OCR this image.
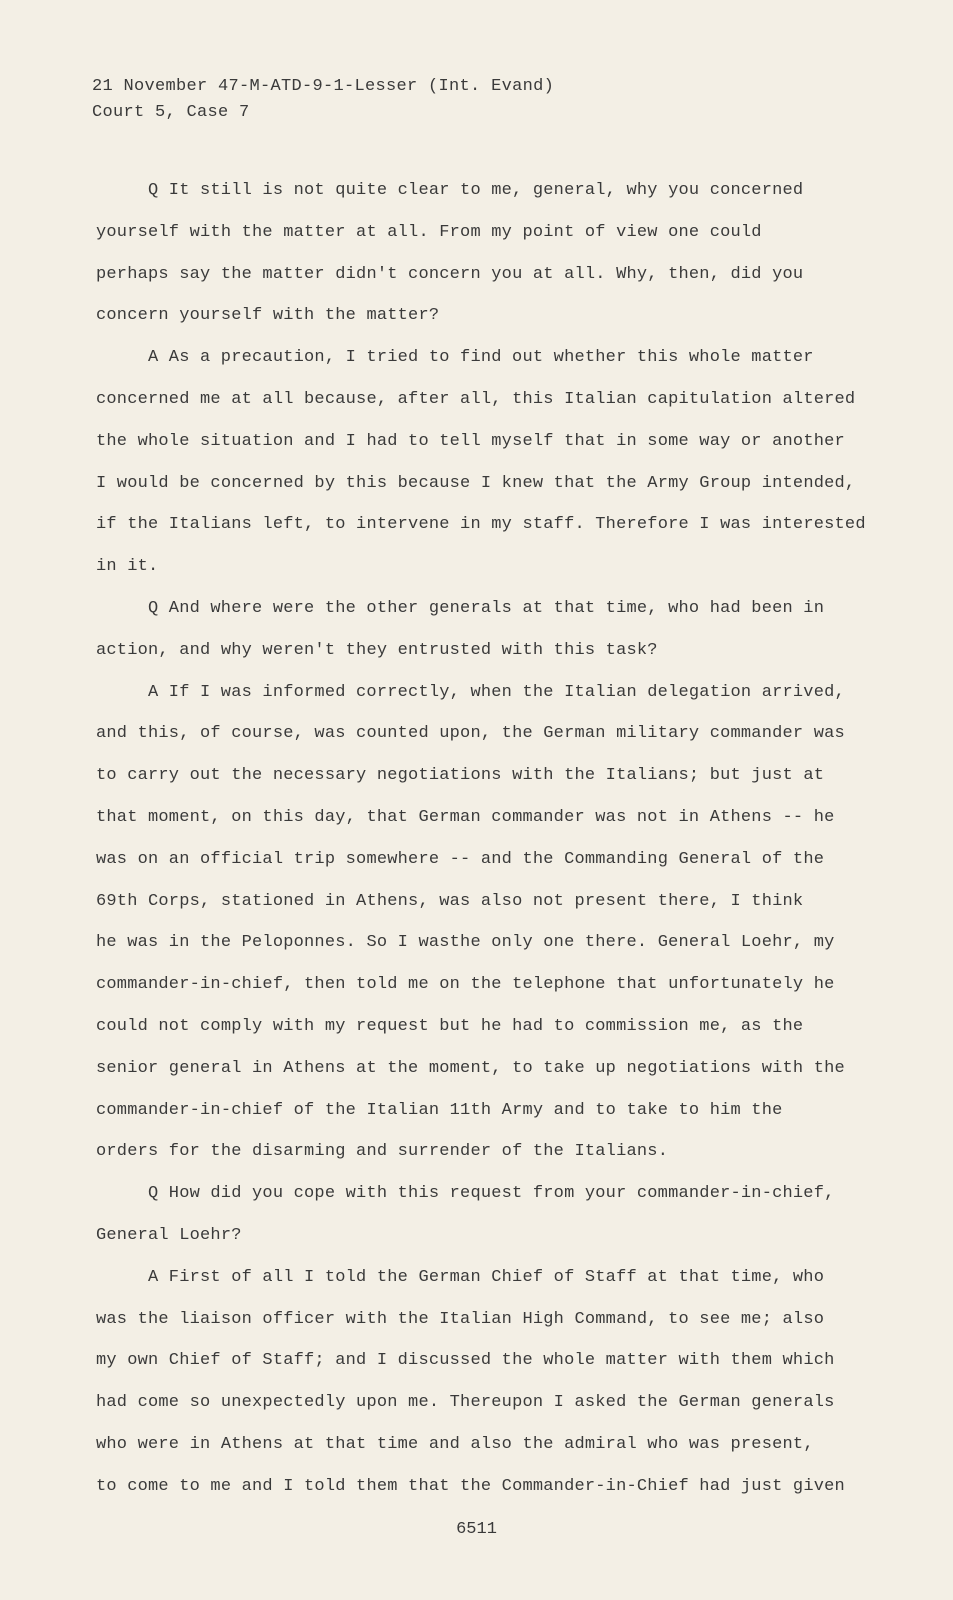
21 November 47-M-ATD-9-1-Lesser (Int. Evand)
Court 5, Case 7
Q It still is not quite clear to me, general, why you concerned
yourself with the matter at all. From my point of view one could
perhaps say the matter didn't concern you at all. Why, then, did you
concern yourself with the matter?
A As a precaution, I tried to find out whether this whole matter
concerned me at all because, after all, this Italian capitulation altered
the whole situation and I had to tell myself that in some way or another
I would be concerned by this because I knew that the Army Group intended,
if the Italians left, to intervene in my staff. Therefore I was interested
in it.
Q And where were the other generals at that time, who had been in
action, and why weren't they entrusted with this task?
A If I was informed correctly, when the Italian delegation arrived,
and this, of course, was counted upon, the German military commander was
to carry out the necessary negotiations with the Italians; but just at
that moment, on this day, that German commander was not in Athens -- he
was on an official trip somewhere -- and the Commanding General of the
69th Corps, stationed in Athens, was also not present there, I think
he was in the Peloponnes. So I wasthe only one there. General Loehr, my
commander-in-chief, then told me on the telephone that unfortunately he
could not comply with my request but he had to commission me, as the
senior general in Athens at the moment, to take up negotiations with the
commander-in-chief of the Italian 11th Army and to take to him the
orders for the disarming and surrender of the Italians.
Q How did you cope with this request from your commander-in-chief,
General Loehr?
A First of all I told the German Chief of Staff at that time, who
was the liaison officer with the Italian High Command, to see me; also
my own Chief of Staff; and I discussed the whole matter with them which
had come so unexpectedly upon me. Thereupon I asked the German generals
who were in Athens at that time and also the admiral who was present,
to come to me and I told them that the Commander-in-Chief had just given
6511
